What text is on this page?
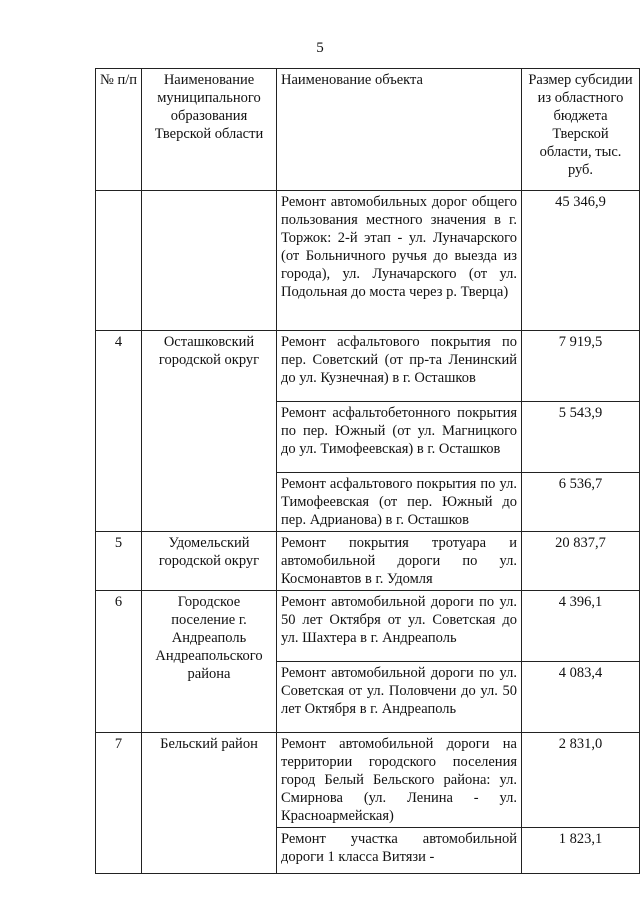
5
№ п/п	Наименование муниципального образования Тверской области	Наименование объекта	Размер субсидии из областного бюджета Тверской области, тыс. руб.
		Ремонт автомобильных дорог общего пользования местного значения в г. Торжок: 2-й этап - ул. Луначарского (от Больничного ручья до выезда из города), ул. Луначарского (от ул. Подольная до моста через р. Тверца)	45 346,9
4	Осташковский городской округ	Ремонт асфальтового покрытия по пер. Советский (от пр-та Ленинский до ул. Кузнечная) в г. Осташков	7 919,5
		Ремонт асфальтобетонного покрытия по пер. Южный (от ул. Магницкого до ул. Тимофеевская) в г. Осташков	5 543,9
		Ремонт асфальтового покрытия по ул. Тимофеевская (от пер. Южный до пер. Адрианова) в г. Осташков	6 536,7
5	Удомельский городской округ	Ремонт покрытия тротуара и автомобильной дороги по ул. Космонавтов в г. Удомля	20 837,7
6	Городское поселение г. Андреаполь Андреапольского района	Ремонт автомобильной дороги по ул. 50 лет Октября от ул. Советская до ул. Шахтера в г. Андреаполь	4 396,1
		Ремонт автомобильной дороги по ул. Советская от ул. Половчени до ул. 50 лет Октября в г. Андреаполь	4 083,4
7	Бельский район	Ремонт автомобильной дороги на территории городского поселения город Белый Бельского района: ул. Смирнова (ул. Ленина - ул. Красноармейская)	2 831,0
		Ремонт участка автомобильной дороги 1 класса Витязи -	1 823,1
